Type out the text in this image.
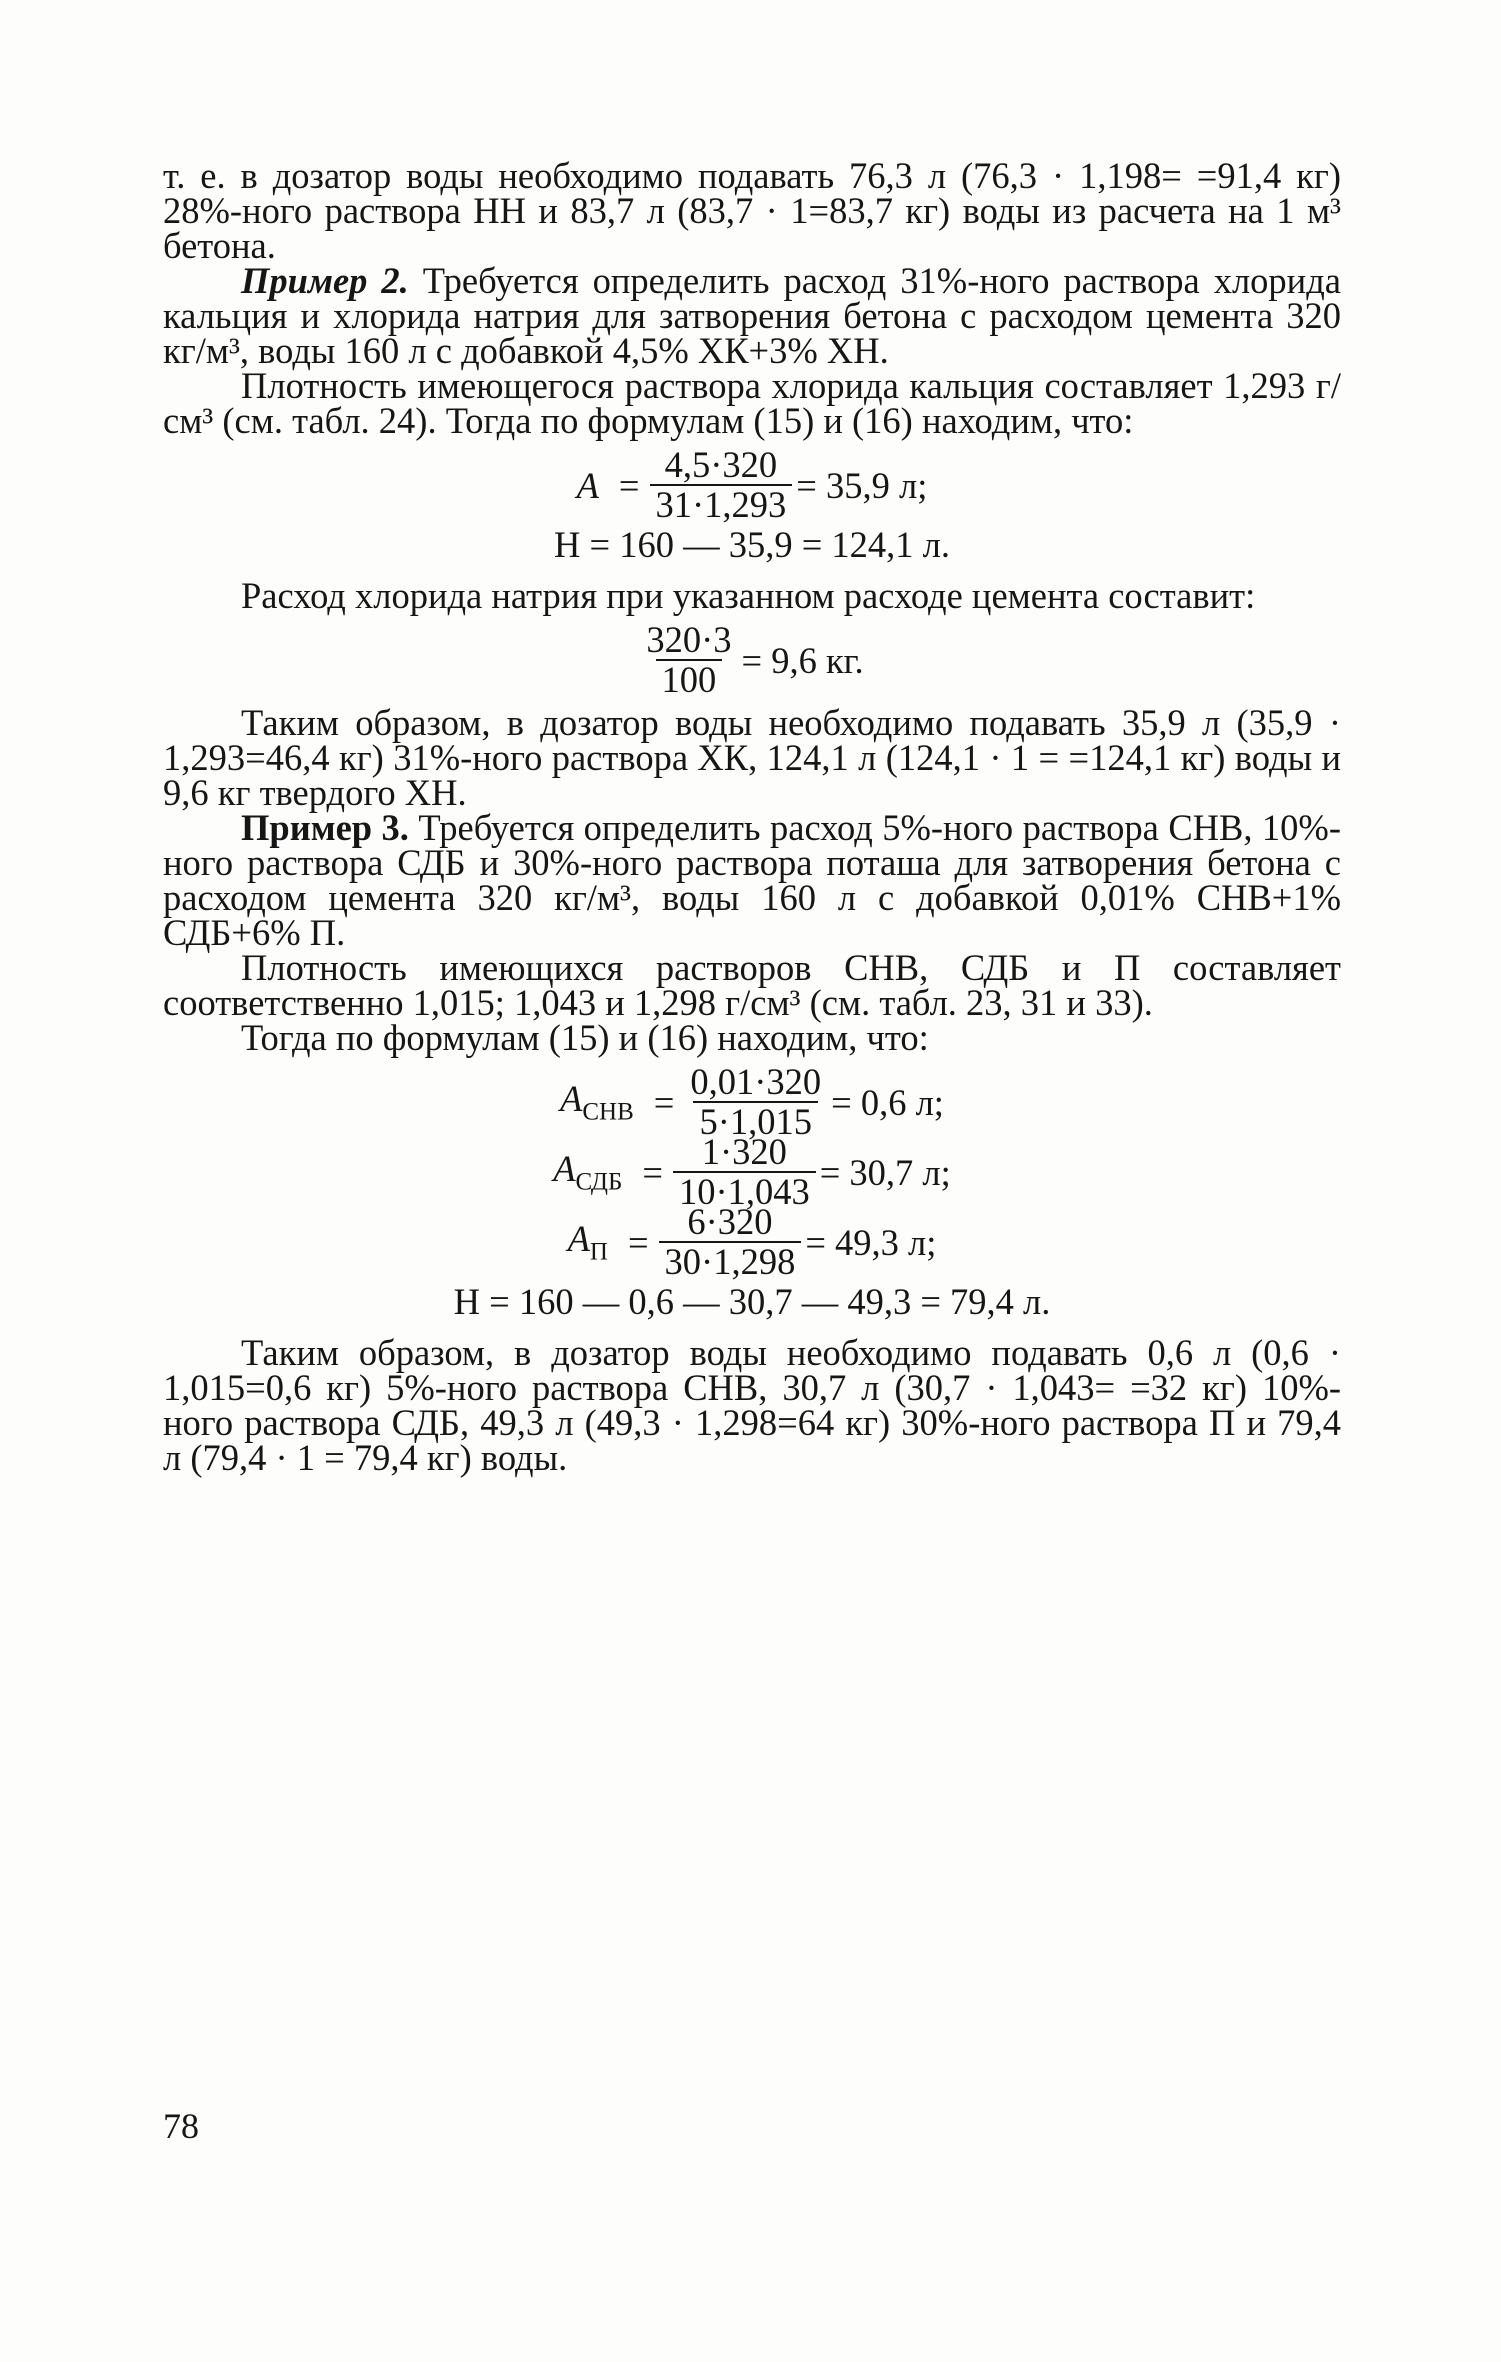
т. е. в дозатор воды необходимо подавать 76,3 л (76,3 · 1,198= =91,4 кг) 28%-ного раствора НН и 83,7 л (83,7 · 1=83,7 кг) воды из расчета на 1 м³ бетона.

Пример 2. Требуется определить расход 31%-ного раствора хлорида кальция и хлорида натрия для затворения бетона с расходом цемента 320 кг/м³, воды 160 л с добавкой 4,5% ХК+3% ХН.

Плотность имеющегося раствора хлорида кальция составляет 1,293 г/см³ (см. табл. 24). Тогда по формулам (15) и (16) находим, что:

$A = \frac{4,5\cdot 320}{31\cdot 1,293} = 35,9$ л;
H = 160 — 35,9 = 124,1 л.

Расход хлорида натрия при указанном расходе цемента составит:

$\frac{320\cdot 3}{100} = 9,6$ кг.

Таким образом, в дозатор воды необходимо подавать 35,9 л (35,9 · 1,293=46,4 кг) 31%-ного раствора ХК, 124,1 л (124,1 · 1 = =124,1 кг) воды и 9,6 кг твердого ХН.

Пример 3. Требуется определить расход 5%-ного раствора СНВ, 10%-ного раствора СДБ и 30%-ного раствора поташа для затворения бетона с расходом цемента 320 кг/м³, воды 160 л с добавкой 0,01% СНВ+1% СДБ+6% П.

Плотность имеющихся растворов СНВ, СДБ и П составляет соответственно 1,015; 1,043 и 1,298 г/см³ (см. табл. 23, 31 и 33).

Тогда по формулам (15) и (16) находим, что:

$A_{СНВ} = \frac{0,01\cdot 320}{5\cdot 1,015} = 0,6$ л;
$A_{СДБ} = \frac{1\cdot 320}{10\cdot 1,043} = 30,7$ л;
$A_П = \frac{6\cdot 320}{30\cdot 1,298} = 49,3$ л;
H = 160 — 0,6 — 30,7 — 49,3 = 79,4 л.

Таким образом, в дозатор воды необходимо подавать 0,6 л (0,6 · 1,015=0,6 кг) 5%-ного раствора СНВ, 30,7 л (30,7 · 1,043= =32 кг) 10%-ного раствора СДБ, 49,3 л (49,3 · 1,298=64 кг) 30%-ного раствора П и 79,4 л (79,4 · 1 = 79,4 кг) воды.

78
